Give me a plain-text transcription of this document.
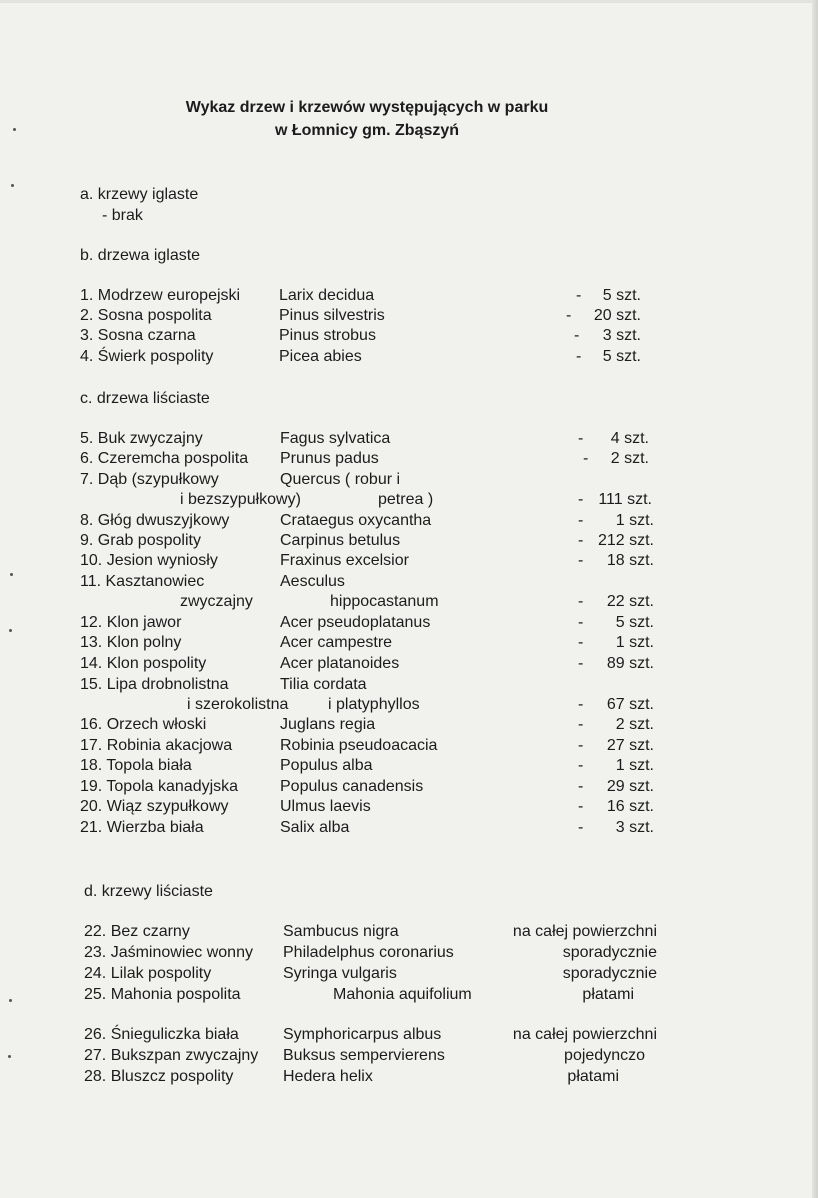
Wykaz drzew i krzewów występujących w parku
w Łomnicy gm. Zbąszyń
a. krzewy iglaste
- brak
b. drzewa iglaste
1. Modrzew europejski Larix decidua	-	5 szt.
2. Sosna pospolita	Pinus silvestris	-	20 szt.
3. Sosna czarna	Pinus strobus	-	3 szt.
4. Świerk pospolity	Picea abies	-	5 szt.
c. drzewa liściaste
5. Buk zwyczajny	Fagus sylvatica	-	4 szt.
6. Czeremcha pospolita Prunus padus	-	2 szt.
7. Dąb (szypułkowy	Quercus ( robur i
i bezszypułkowy)	petrea )	- 111 szt.
8. Głóg dwuszyjkowy	Crataegus oxycantha	-	1 szt.
9. Grab pospolity	Carpinus betulus	- 212 szt.
10. Jesion wyniosły	Fraxinus excelsior	-	18 szt.
11. Kasztanowiec	Aesculus
zwyczajny	hippocastanum	-	22 szt.
12. Klon jawor	Acer pseudoplatanus	-	5 szt.
13. Klon polny	Acer campestre	-	1 szt.
14. Klon pospolity	Acer platanoides	-	89 szt.
15. Lipa drobnolistna	Tilia cordata
i szerokolistna i platyphyllos	-	67 szt.
16. Orzech włoski	Juglans regia	-	2 szt.
17. Robinia akacjowa	Robinia pseudoacacia	-	27 szt.
18. Topola biała	Populus alba	-	1 szt.
19. Topola kanadyjska	Populus canadensis	-	29 szt.
20. Wiąz szypułkowy	Ulmus laevis	-	16 szt.
21. Wierzba biała	Salix alba	-	3 szt.
d. krzewy liściaste
22. Bez czarny	Sambucus nigra	na całej powierzchni
23. Jaśminowiec wonny Philadelphus coronarius	sporadycznie
24. Lilak pospolity	Syringa vulgaris	sporadycznie
25. Mahonia pospolita	Mahonia aquifolium	płatami
26. Śnieguliczka biała	Symphoricarpus albus	na całej powierzchni
27. Bukszpan zwyczajny Buksus sempervierens	pojedynczo
28. Bluszcz pospolity	Hedera helix	płatami
